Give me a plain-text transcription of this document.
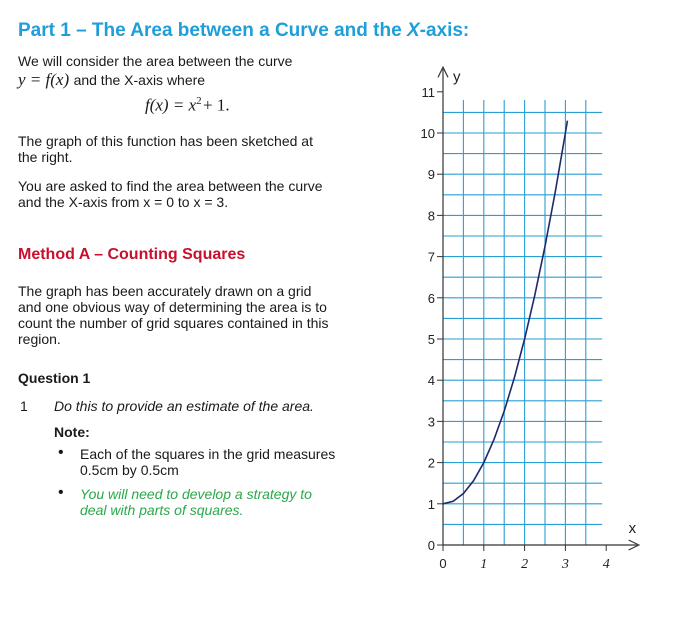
Part 1 – The Area between a Curve and the X-axis:
We will consider the area between the curve
y = f(x) and the X-axis where
$f(x) = x^2$ + 1.
The graph of this function has been sketched at
the right.
You are asked to find the area between the curve
and the X-axis from x = 0 to x = 3.
Method A – Counting Squares
The graph has been accurately drawn on a grid
and one obvious way of determining the area is to
count the number of grid squares contained in this
region.
Question 1
1 Do this to provide an estimate of the area.
Note:
• Each of the squares in the grid measures
0.5cm by 0.5cm
• You will need to develop a strategy to
deal with parts of squares.
y
x
0
1
2
3
4
5
6
7
8
9
10
11
0 1 2 3 4
